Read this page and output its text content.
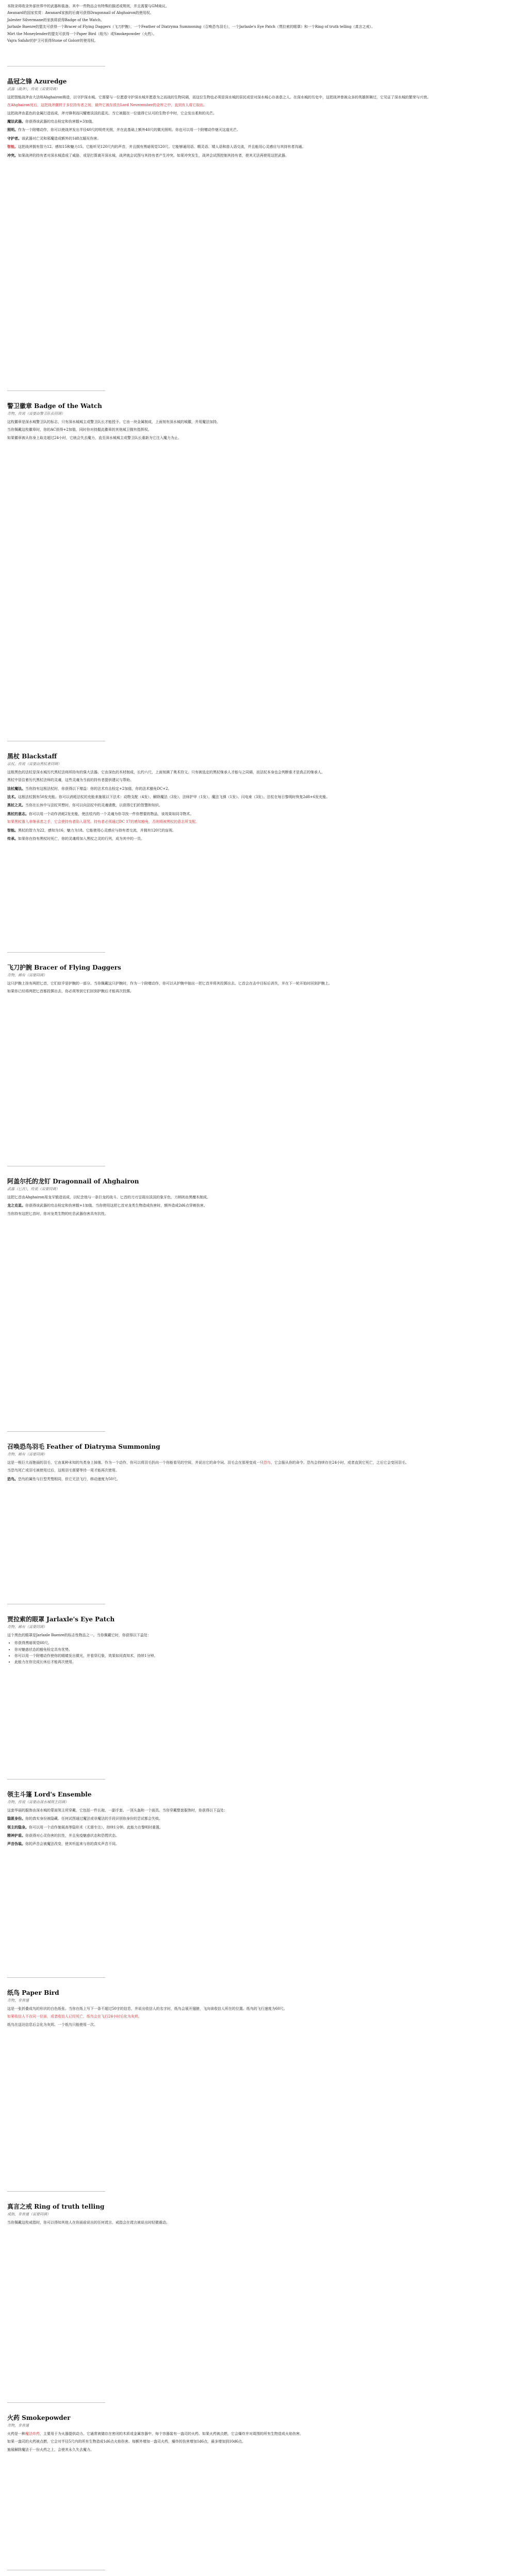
本附录将收录外部世界中的武器和装备。其中一些物品会有特殊的描述或规则，并且需要与GM商议。

Awanard的国家奖赏：Awanard家族的后裔可获得Dragonnail of Ahghairon的使用权。

Jalester Silvermane的家族将获得Badge of the Watch。

Jarlaxle Baenre的盟友可获得一个Bracer of Flying Daggers（飞刀护腕），一个Feather of Diatryma Summoning（召唤恐鸟羽毛），一个Jarlaxle's Eye Patch（贾拉索的眼罩）和一个Ring of truth telling（真言之戒）。

Mirt the Moneylender的盟友可获得一个Paper Bird（纸鸟）或Smokepowder（火药）。

Vajra Safahr的护卫可获得Stone of Golorr的使用权。

晶冠之锋 Azuredge
武器（战斧），传说（需要同调）

这把智能战斧由大法师Ahghairon铸造，以守护深水城。它需要与一位愿意守护深水城并愿意为之而战的生物同调，而这位生物也必须是深水城的居民或是对深水城心存善意之人。在深水城的历史中，这把战斧曾被众多的英雄挥舞过，它见证了深水城的繁荣与兴衰。

在Ahghairon死后，这把战斧辗转于多位持有者之间，最终它被存放在Lord Neverember的金库之中，直到有人将它取出。

这把战斧由蓝色的金属打造而成，斧刃锋利而闪耀着淡淡的蓝光。当它被握在一位值得它认可的生物手中时，它会发出柔和的光芒。

魔法武器。你获得该武器的攻击检定和伤害骰+3加值。

照明。作为一个附赠动作，你可以使战斧发出半径40尺的明亮光照，并在此基础上额外40尺的微光照明。你也可以用一个附赠动作熄灭这道光芒。

守护者。该武器对亡灵和邪魔造成额外的1d8点辐光伤害。

智能。这把战斧拥有智力12、感知15和魅力15。它能听见120尺内的声音，并且拥有黑暗视觉120尺。它能够通用语、精灵语、矮人语和兽人语交流，并且能用心灵感应与其持有者沟通。

冲突。如果战斧的持有者对深水城造成了威胁，或是打算离开深水城，战斧就会试图与其持有者产生冲突。如果冲突发生，战斧会试图控制其持有者，使其无法再使用这把武器。

警卫徽章 Badge of the Watch
奇物，传说（需要由警卫队长同调）

这枚徽章是深水城警卫队的标志，只有深水城城主或警卫队长才能授予。它由一块金属制成，上面刻有深水城的城徽，并用魔法加持。

当你佩戴这枚徽章时，你的AC获得+2加值，同时你对持握此徽章的其他城卫拥有指挥权。

如果徽章被从你身上取走超过24小时，它就会失去魔力，直至深水城城主或警卫队长重新为它注入魔力为止。

黑杖 Blackstaff
法杖，传说（需要由黑杖者同调）

这根黑色的法杖是深水城历代黑杖法师所持有的强大法器。它由深色的木材制成，长约六尺，上面刻满了奥术符文。只有被选定的黑杖继承人才能与之同调，而法杖本身也会判断谁才是真正的继承人。

黑杖中居住着历代黑杖法师的灵魂，这些灵魂为当前的持有者提供建议与帮助。

法杖魔法。当你持有这根法杖时，你获得以下增益：你的法术攻击检定+2加值，你的法术豁免DC+2。

法术。这根法杖拥有50发充能。你可以消耗法杖的充能来施展以下法术：动物支配（4发）、解除魔法（3发）、法师护甲（1发）、魔法飞弹（1发）、闪电束（3发）。法杖在每日黎明时恢复2d8+6发充能。

黑杖之灵。当你在长休中与法杖冥想时，你可以向法杖中的灵魂请教，以获得它们的智慧和知识。

黑杖的意志。你可以用一个动作消耗2发充能，使法杖内的一个灵魂为你寻找一件你想要的物品，该效果如同寻物术。

如果黑杖落入非继承者之手，它会使持有者陷入诅咒。持有者必须通过DC 17的感知豁免，否则将被黑杖的意志所支配。

智能。黑杖的智力为22，感知为16，魅力为18。它能使用心灵感应与持有者交流，并拥有120尺的盲视。

传承。如果你在持有黑杖时死亡，你的灵魂将加入黑杖之灵的行列，成为其中的一员。

飞刀护腕 Bracer of Flying Daggers
奇物，稀有（需要同调）

这只护腕上挂有两把匕首，它们似乎是护腕的一部分。当你佩戴这只护腕时，作为一个附赠动作，你可以从护腕中抽出一把匕首并将其投掷出去。匕首会在击中目标后消失，并在下一轮开始时回到护腕上。

如果你已经将两把匕首都投掷出去，你必须等到它们回到护腕后才能再次投掷。

阿盖尔托的龙钉 Dragonnail of Ahghairon
武器（匕首），传说（需要同调）

这把匕首由Ahghairon用龙牙锻造而成，以纪念他与一条巨龙的战斗。匕首的刀刃呈现出淡淡的象牙色，刀柄则由黑檀木制成。

龙之克星。你获得该武器的攻击检定和伤害骰+1加值。当你使用这把匕首对龙类生物造成伤害时，额外造成2d6点穿刺伤害。

当你持有这把匕首时，你对龙类生物的吐息武器伤害具有抗性。

召唤恐鸟羽毛 Feather of Diatryma Summoning
奇物，稀有（需要同调）

这是一根巨大而艳丽的羽毛，它由某种未知的鸟类身上掉落。作为一个动作，你可以将羽毛扔向一个你能看见的空间，并说出它的命令词。羽毛会在那里变成一只恐鸟，它会服从你的命令。恐鸟会持续存在24小时，或者直到它死亡，之后它会变回羽毛。

当恐鸟死亡或羽毛被使用过后，这根羽毛需要等待一周才能再次使用。

恐鸟。恐鸟的属性与巨型秃鹫相同，但它无法飞行，移动速度为50尺。

贾拉索的眼罩 Jarlaxle's Eye Patch
奇物，稀有（需要同调）

这个黑色的眼罩是Jarlaxle Baenre的标志性物品之一。当你佩戴它时，你获得以下益处：

• 你获得黑暗视觉60尺。
• 你对魅惑状态的豁免检定具有优势。
• 你可以用一个附赠动作使你的眼睛发出微光，并看穿幻象，效果如同真知术，持续1分钟。
• 此能力在你完成长休后才能再次使用。
领主斗篷 Lord's Ensemble
奇物，传说（需要由深水城领主同调）

这套华丽的服饰由深水城的蒙面领主所穿戴，它包括一件长袍、一副手套、一顶头盔和一个面具。当你穿戴整套服饰时，你获得以下益处：

隐匿身份。你的真实身份被隐藏。任何试图通过魔法或非魔法的手段识别你身份的尝试都会失败。

领主的隐身。你可以用一个动作施展高等隐形术（无需专注），持续1分钟。此能力在黎明时重置。

精神护盾。你获得对心灵伤害的抗性，并且免疫魅惑状态和恐慌状态。

声音伪装。你的声音会被魔法改变，使其听起来与你的真实声音不同。

纸鸟 Paper Bird
奇物，非普通

这是一张折叠成鸟的形状的白色纸张。当你在纸上写下一条不超过50字的信息，并说出收信人的名字时，纸鸟会展开翅膀，飞向该收信人所在的位置。纸鸟的飞行速度为60尺。

如果收信人不在同一位面，或者收信人已经死亡，纸鸟会在飞行24小时后化为灰烬。

纸鸟在送达信息后会化为灰烬。一个纸鸟只能使用一次。

真言之戒 Ring of truth telling
戒指，非普通（需要同调）

当你佩戴这枚戒指时，你可以得知其他人在你面前说出的任何谎言。戒指会在谎言被说出时轻微震动。

火药 Smokepowder
奇物，非普通

火药是一种魔法炸药，主要用于为火器提供动力。它通常被储存在密闭的木质或金属容器中，每个容器装有一盎司的火药。如果火药被点燃，它会爆炸并对周围的所有生物造成火焰伤害。

如果一盎司的火药被点燃，它会对半径5尺内的所有生物造成1d6点火焰伤害。每额外增加一盎司火药，爆炸的伤害增加1d6点，最多增加到10d6点。

施展解除魔法于一份火药之上，会使其永久失去魔力。
